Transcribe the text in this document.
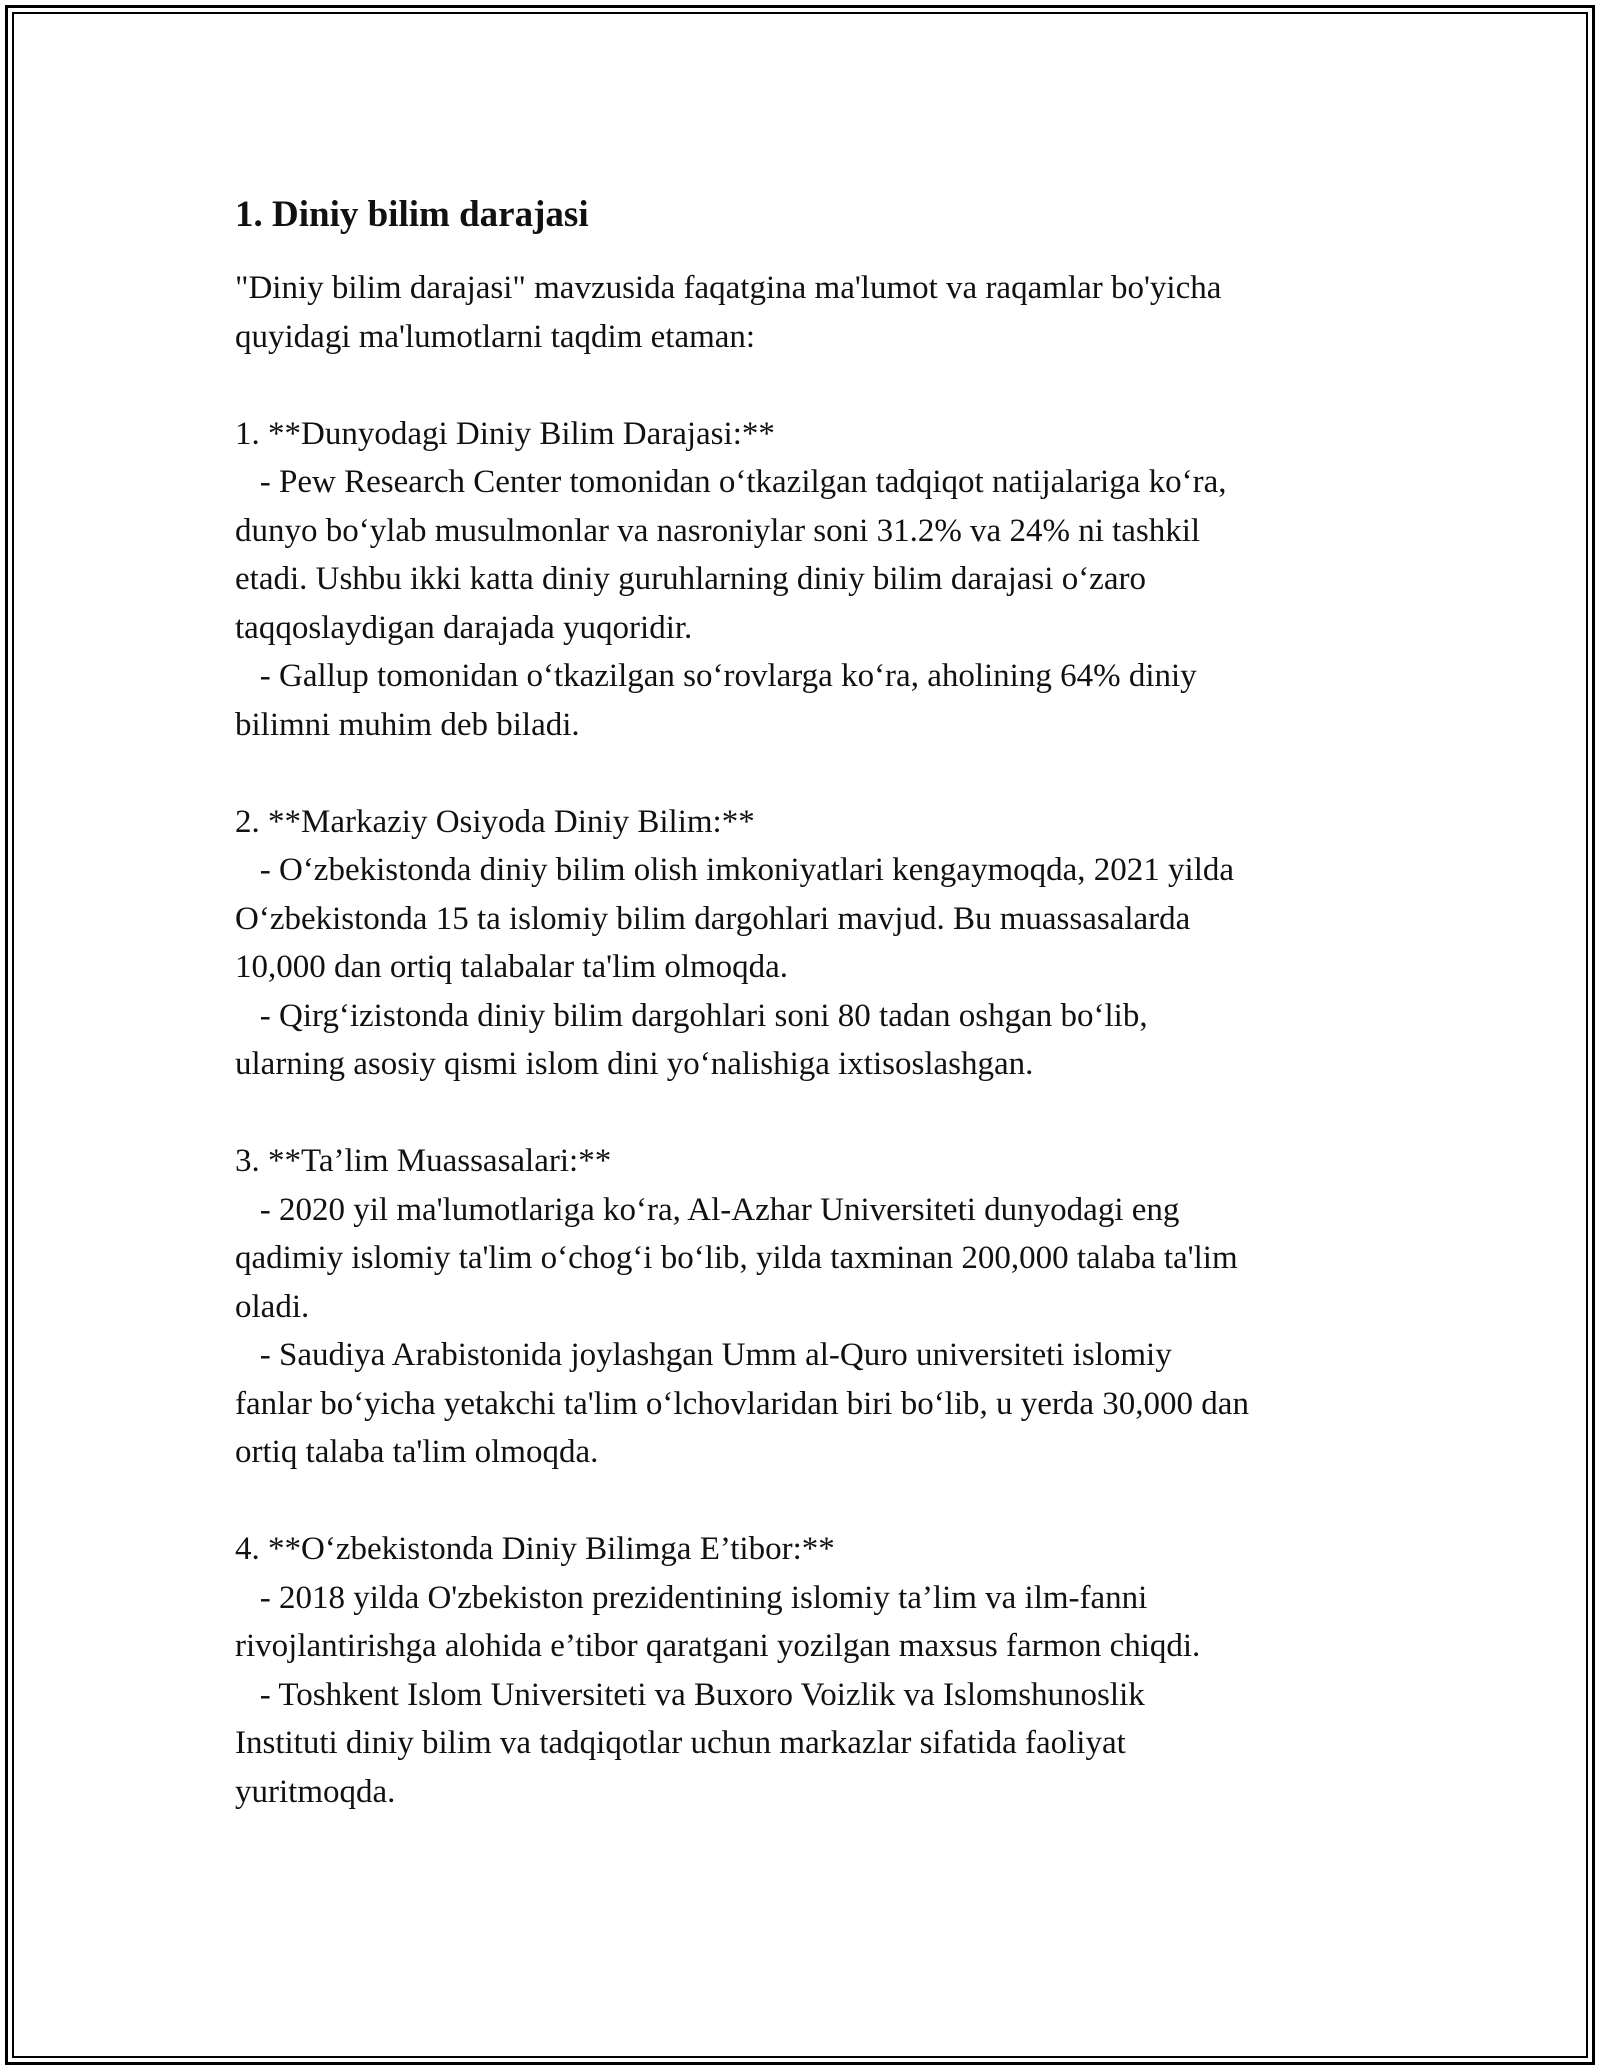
1. Diniy bilim darajasi

"Diniy bilim darajasi" mavzusida faqatgina ma'lumot va raqamlar bo'yicha
quyidagi ma'lumotlarni taqdim etaman:

1. **Dunyodagi Diniy Bilim Darajasi:**
- Pew Research Center tomonidan o‘tkazilgan tadqiqot natijalariga ko‘ra,
dunyo bo‘ylab musulmonlar va nasroniylar soni 31.2% va 24% ni tashkil
etadi. Ushbu ikki katta diniy guruhlarning diniy bilim darajasi o‘zaro
taqqoslaydigan darajada yuqoridir.
- Gallup tomonidan o‘tkazilgan so‘rovlarga ko‘ra, aholining 64% diniy
bilimni muhim deb biladi.

2. **Markaziy Osiyoda Diniy Bilim:**
- O‘zbekistonda diniy bilim olish imkoniyatlari kengaymoqda, 2021 yilda
O‘zbekistonda 15 ta islomiy bilim dargohlari mavjud. Bu muassasalarda
10,000 dan ortiq talabalar ta'lim olmoqda.
- Qirg‘izistonda diniy bilim dargohlari soni 80 tadan oshgan bo‘lib,
ularning asosiy qismi islom dini yo‘nalishiga ixtisoslashgan.

3. **Ta’lim Muassasalari:**
- 2020 yil ma'lumotlariga ko‘ra, Al-Azhar Universiteti dunyodagi eng
qadimiy islomiy ta'lim o‘chog‘i bo‘lib, yilda taxminan 200,000 talaba ta'lim
oladi.
- Saudiya Arabistonida joylashgan Umm al-Quro universiteti islomiy
fanlar bo‘yicha yetakchi ta'lim o‘lchovlaridan biri bo‘lib, u yerda 30,000 dan
ortiq talaba ta'lim olmoqda.

4. **O‘zbekistonda Diniy Bilimga E’tibor:**
- 2018 yilda O'zbekiston prezidentining islomiy ta’lim va ilm-fanni
rivojlantirishga alohida e’tibor qaratgani yozilgan maxsus farmon chiqdi.
- Toshkent Islom Universiteti va Buxoro Voizlik va Islomshunoslik
Instituti diniy bilim va tadqiqotlar uchun markazlar sifatida faoliyat
yuritmoqda.
